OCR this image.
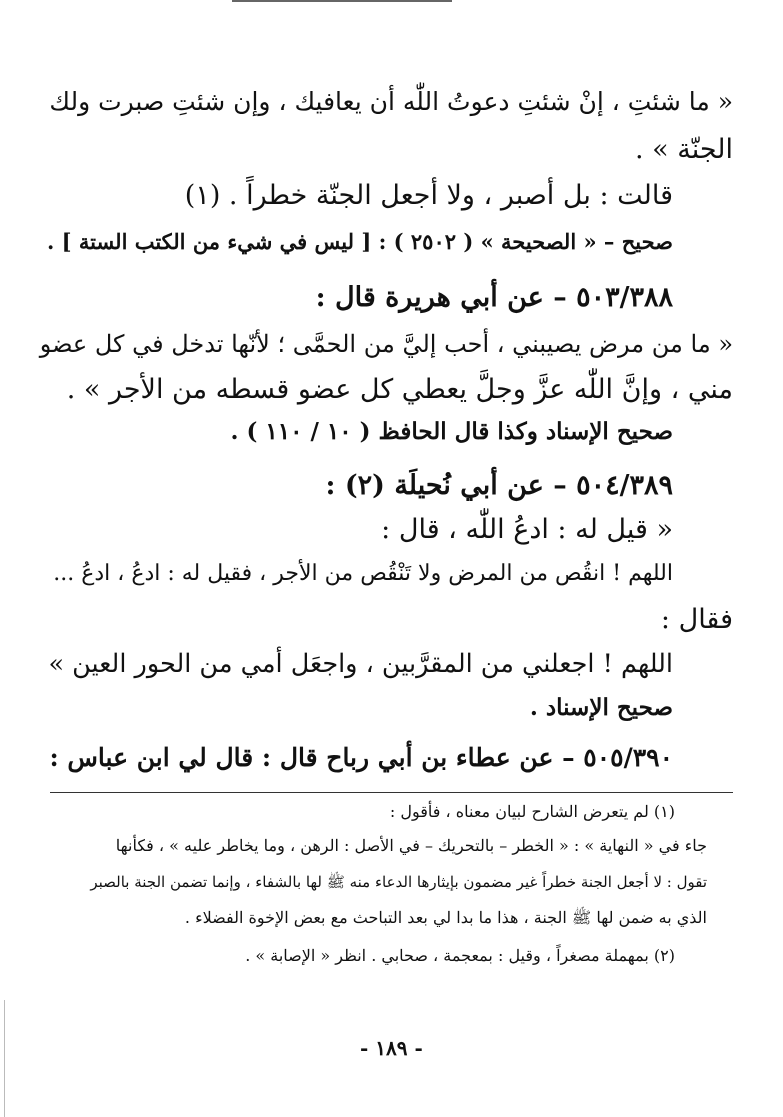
« ما شئتِ ، إنْ شئتِ دعوتُ اللّٰه أن يعافيك ، وإن شئتِ صبرت ولك
الجنّة » .
قالت : بل أصبر ، ولا أجعل الجنّة خطراً . (١)
صحيح – « الصحيحة » ( ٢٥٠٢ ) : [ ليس في شيء من الكتب الستة ] .
٥٠٣/٣٨٨ – عن أبي هريرة قال :
« ما من مرض يصيبني ، أحب إليَّ من الحمَّى ؛ لأنّها تدخل في كل عضو
مني ، وإنَّ اللّٰه عزَّ وجلَّ يعطي كل عضو قسطه من الأجر » .
صحيح الإسناد وكذا قال الحافظ ( ١٠ / ١١٠ ) .
٥٠٤/٣٨٩ – عن أبي نُحيلَة (٢) :
« قيل له : ادعُ اللّٰه ، قال :
اللهم ! انقُص من المرض ولا تَنْقُص من الأجر ، فقيل له : ادعُ ، ادعُ ...
فقال :
اللهم ! اجعلني من المقرَّبين ، واجعَل أمي من الحور العين »
صحيح الإسناد .
٥٠٥/٣٩٠ – عن عطاء بن أبي رباح قال : قال لي ابن عباس :
(١) لم يتعرض الشارح لبيان معناه ، فأقول :
جاء في « النهاية » : « الخطر – بالتحريك – في الأصل : الرهن ، وما يخاطر عليه » ، فكأنها
تقول : لا أجعل الجنة خطراً غير مضمون بإيثارها الدعاء منه ﷺ لها بالشفاء ، وإنما تضمن الجنة بالصبر
الذي به ضمن لها ﷺ الجنة ، هذا ما بدا لي بعد التباحث مع بعض الإخوة الفضلاء .
(٢) بمهملة مصغراً ، وقيل : بمعجمة ، صحابي . انظر « الإصابة » .
- ١٨٩ -
